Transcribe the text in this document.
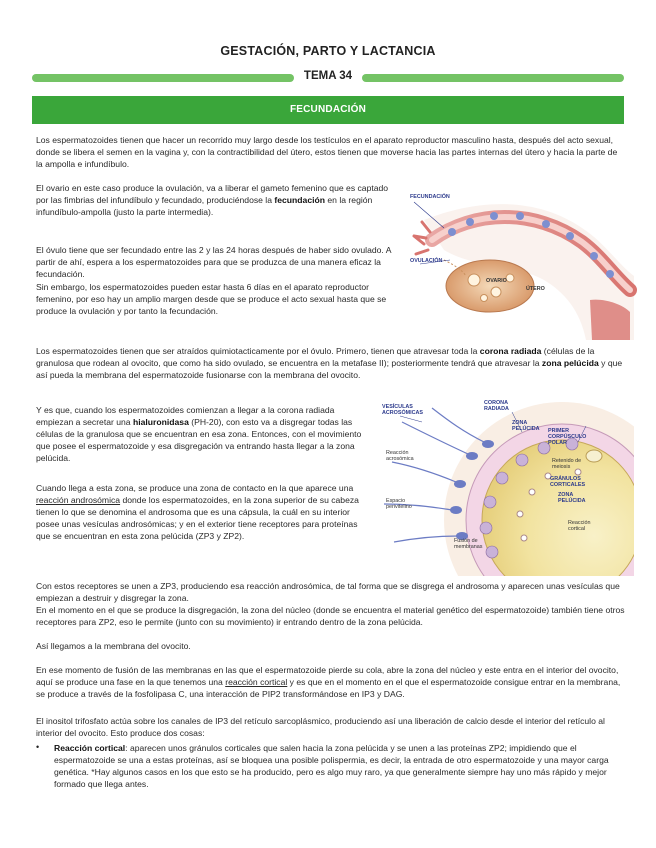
GESTACIÓN, PARTO Y LACTANCIA
TEMA 34
FECUNDACIÓN

Los espermatozoides tienen que hacer un recorrido muy largo desde los testículos en el aparato reproductor masculino hasta, después del acto sexual, donde se libera el semen en la vagina y, con la contractibilidad del útero, estos tienen que moverse hacia las partes internas del útero y hacia la parte de la ampolla e infundíbulo.

El ovario en este caso produce la ovulación, va a liberar el gameto femenino que es captado por las fimbrias del infundíbulo y fecundado, produciéndose la fecundación en la región infundíbulo-ampolla (justo la parte intermedia).

El óvulo tiene que ser fecundado entre las 2 y las 24 horas después de haber sido ovulado. A partir de ahí, espera a los espermatozoides para que se produzca de una manera eficaz la fecundación.

Sin embargo, los espermatozoides pueden estar hasta 6 días en el aparato reproductor femenino, por eso hay un amplio margen desde que se produce el acto sexual hasta que se produce la ovulación y por tanto la fecundación.

FECUNDACIÓN
OVULACIÓN
OVARIO
ÚTERO

Los espermatozoides tienen que ser atraídos quimiotacticamente por el óvulo. Primero, tienen que atravesar toda la corona radiada (células de la granulosa que rodean al ovocito, que como ha sido ovulado, se encuentra en la metafase II); posteriormente tendrá que atravesar la zona pelúcida y que así pueda la membrana del espermatozoide fusionarse con la membrana del ovocito.

Y es que, cuando los espermatozoides comienzan a llegar a la corona radiada empiezan a secretar una hialuronidasa (PH-20), con esto va a disgregar todas las células de la granulosa que se encuentran en esa zona. Entonces, con el movimiento que posee el espermatozoide y esa disgregación va entrando hasta llegar a la zona pelúcida.

Cuando llega a esta zona, se produce una zona de contacto en la que aparece una reacción androsómica donde los espermatozoides, en la zona superior de su cabeza tienen lo que se denomina el androsoma que es una cápsula, la cuál en su interior posee unas vesículas androsómicas; y en el exterior tiene receptores para proteínas que se encuentran en esta zona pelúcida (ZP3 y ZP2).

VESÍCULAS ACROSÓMICAS
CORONA RADIADA
ZONA PELÚCIDA	PRIMER CORPÚSCULO POLAR
Reacción acrosómica	Retenido de meiosis
GRÁNULOS CORTICALES
ZONA PELÚCIDA
Espacio perivitelino
Fusión de membranas
Reacción cortical

Con estos receptores se unen a ZP3, produciendo esa reacción androsómica, de tal forma que se disgrega el androsoma y aparecen unas vesículas que empiezan a destruir y disgregar la zona.

En el momento en el que se produce la disgregación, la zona del núcleo (donde se encuentra el material genético del espermatozoide) también tiene otros receptores para ZP2, eso le permite (junto con su movimiento) ir entrando dentro de la zona pelúcida.

Así llegamos a la membrana del ovocito.

En ese momento de fusión de las membranas en las que el espermatozoide pierde su cola, abre la zona del núcleo y este entra en el interior del ovocito, aquí se produce una fase en la que tenemos una reacción cortical y es que en el momento en el que el espermatozoide consigue entrar en la membrana, se produce a través de la fosfolipasa C, una interacción de PIP2 transformándose en IP3 y DAG.

El inositol trifosfato actúa sobre los canales de IP3 del retículo sarcoplásmico, produciendo así una liberación de calcio desde el interior del retículo al interior del ovocito. Esto produce dos cosas:

• Reacción cortical: aparecen unos gránulos corticales que salen hacia la zona pelúcida y se unen a las proteínas ZP2; impidiendo que el espermatozoide se una a estas proteínas, así se bloquea una posible polispermia, es decir, la entrada de otro espermatozoide y una mayor carga genética. *Hay algunos casos en los que esto se ha producido, pero es algo muy raro, ya que generalmente siempre hay uno más rápido y mejor formado que llega antes.
